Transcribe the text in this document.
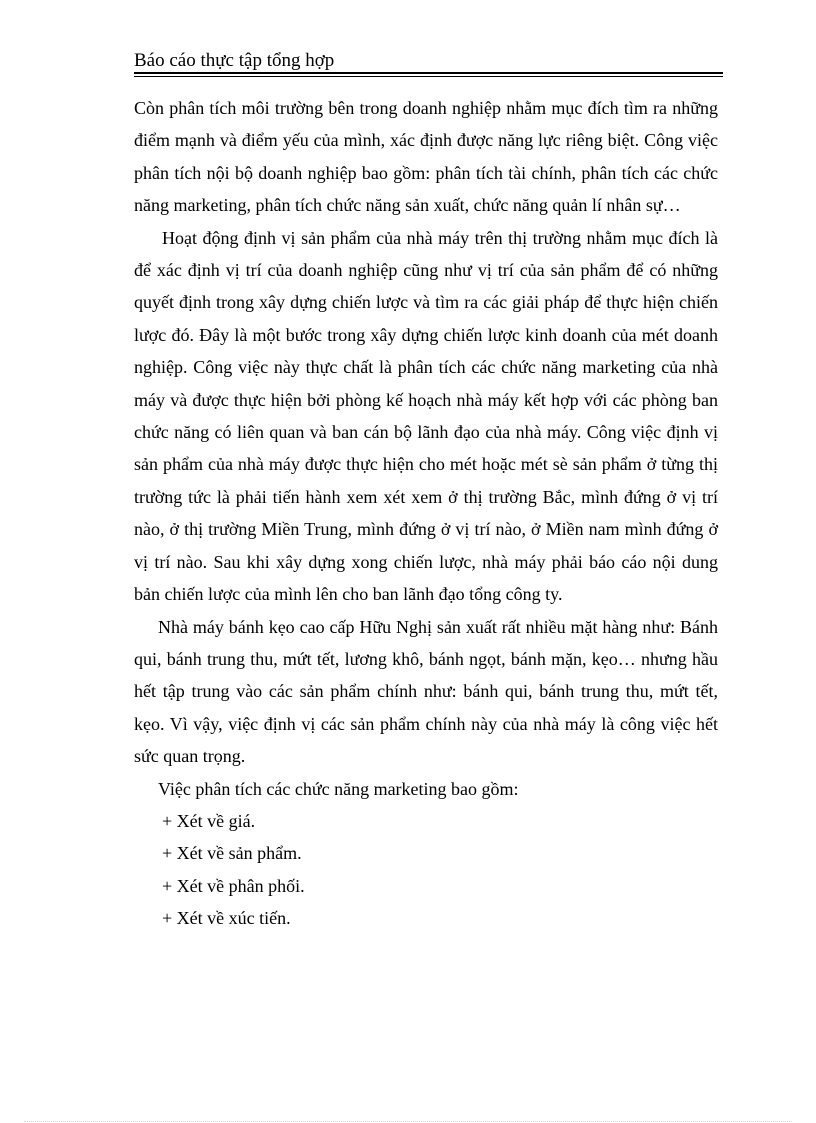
Báo cáo thực tập tổng hợp

Còn phân tích môi trường bên trong doanh nghiệp nhằm mục đích tìm ra những điểm mạnh và điểm yếu của mình, xác định được năng lực riêng biệt. Công việc phân tích nội bộ doanh nghiệp bao gồm: phân tích tài chính, phân tích các chức năng marketing, phân tích chức năng sản xuất, chức năng quản lí nhân sự…

Hoạt động định vị sản phẩm của nhà máy trên thị trường nhằm mục đích là để xác định vị trí của doanh nghiệp cũng như vị trí của sản phẩm để có những quyết định trong xây dựng chiến lược và tìm ra các giải pháp để thực hiện chiến lược đó. Đây là một bước trong xây dựng chiến lược kinh doanh của mét doanh nghiệp. Công việc này thực chất là phân tích các chức năng marketing của nhà máy và được thực hiện bởi phòng kế hoạch nhà máy kết hợp với các phòng ban chức năng có liên quan và ban cán bộ lãnh đạo của nhà máy. Công việc định vị sản phẩm của nhà máy được thực hiện cho mét hoặc mét sè sản phẩm ở từng thị trường tức là phải tiến hành xem xét xem ở thị trường Bắc, mình đứng ở vị trí nào, ở thị trường Miền Trung, mình đứng ở vị trí nào, ở Miền nam mình đứng ở vị trí nào. Sau khi xây dựng xong chiến lược, nhà máy phải báo cáo nội dung bản chiến lược của mình lên cho ban lãnh đạo tổng công ty.

Nhà máy bánh kẹo cao cấp Hữu Nghị sản xuất rất nhiều mặt hàng như: Bánh qui, bánh trung thu, mứt tết, lương khô, bánh ngọt, bánh mặn, kẹo… nhưng hầu hết tập trung vào các sản phẩm chính như: bánh qui, bánh trung thu, mứt tết, kẹo. Vì vậy, việc định vị các sản phẩm chính này của nhà máy là công việc hết sức quan trọng.

Việc phân tích các chức năng marketing bao gồm:

+ Xét về giá.
+ Xét về sản phẩm.
+ Xét về phân phối.
+ Xét về xúc tiến.
